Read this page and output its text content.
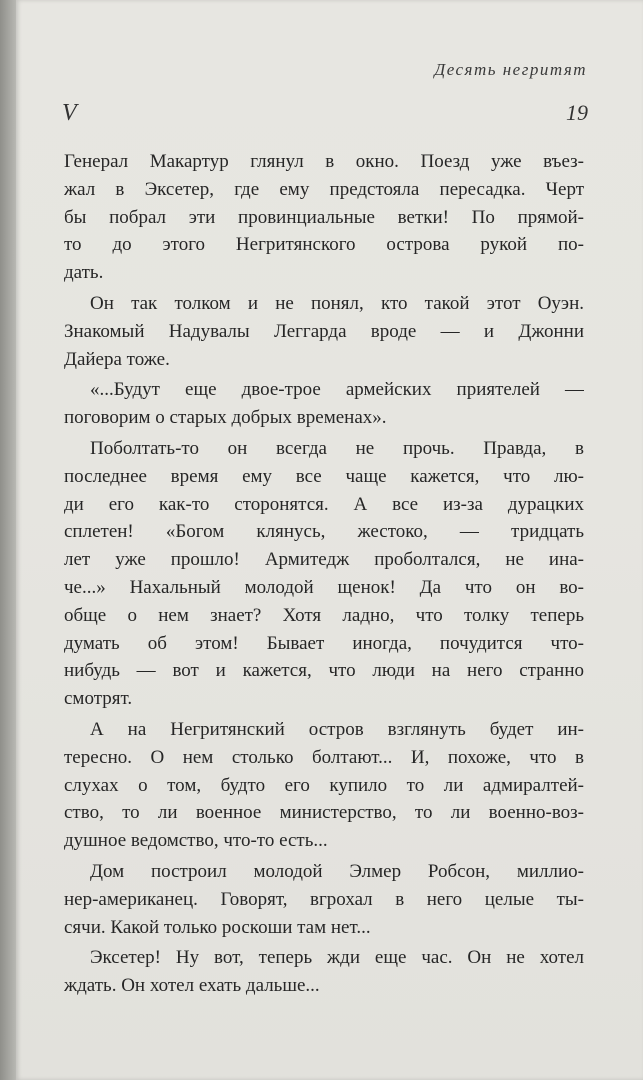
Десять негритят
V	19
Генерал Макартур глянул в окно. Поезд уже въез-
жал в Эксетер, где ему предстояла пересадка. Черт
бы побрал эти провинциальные ветки! По прямой-
то до этого Негритянского острова рукой по-
дать.
Он так толком и не понял, кто такой этот Оуэн.
Знакомый Надувалы Леггарда вроде — и Джонни
Дайера тоже.
«...Будут еще двое-трое армейских приятелей —
поговорим о старых добрых временах».
Поболтать-то он всегда не прочь. Правда, в
последнее время ему все чаще кажется, что лю-
ди его как-то сторонятся. А все из-за дурацких
сплетен! «Богом клянусь, жестоко, — тридцать
лет уже прошло! Армитедж проболтался, не ина-
че...» Нахальный молодой щенок! Да что он во-
обще о нем знает? Хотя ладно, что толку теперь
думать об этом! Бывает иногда, почудится что-
нибудь — вот и кажется, что люди на него странно
смотрят.
А на Негритянский остров взглянуть будет ин-
тересно. О нем столько болтают... И, похоже, что в
слухах о том, будто его купило то ли адмиралтей-
ство, то ли военное министерство, то ли военно-воз-
душное ведомство, что-то есть...
Дом построил молодой Элмер Робсон, миллио-
нер-американец. Говорят, вгрохал в него целые ты-
сячи. Какой только роскоши там нет...
Эксетер! Ну вот, теперь жди еще час. Он не хотел
ждать. Он хотел ехать дальше...
